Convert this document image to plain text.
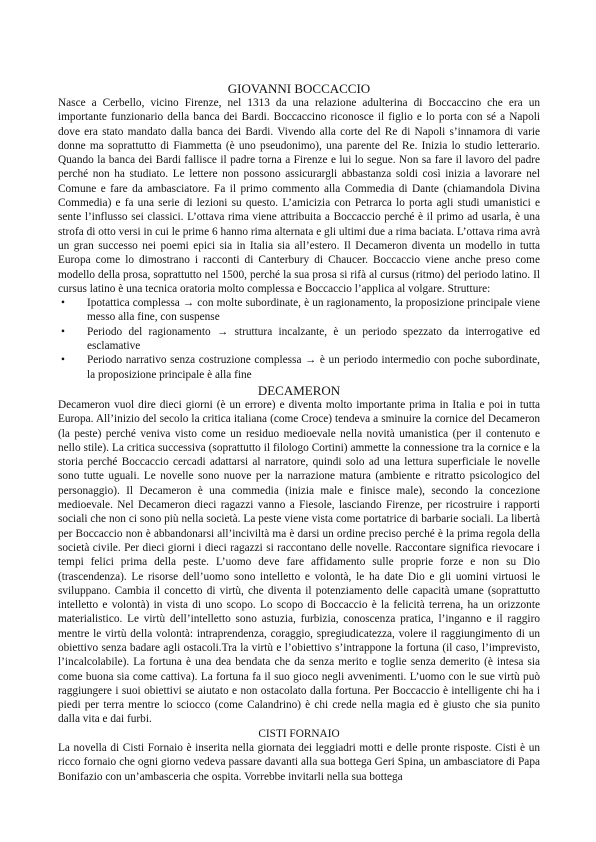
GIOVANNI BOCCACCIO

Nasce a Cerbello, vicino Firenze, nel 1313 da una relazione adulterina di Boccaccino che era un importante funzionario della banca dei Bardi. Boccaccino riconosce il figlio e lo porta con sé a Napoli dove era stato mandato dalla banca dei Bardi. Vivendo alla corte del Re di Napoli s’innamora di varie donne ma soprattutto di Fiammetta (è uno pseudonimo), una parente del Re. Inizia lo studio letterario. Quando la banca dei Bardi fallisce il padre torna a Firenze e lui lo segue. Non sa fare il lavoro del padre perché non ha studiato. Le lettere non possono assicurargli abbastanza soldi così inizia a lavorare nel Comune e fare da ambasciatore. Fa il primo commento alla Commedia di Dante (chiamandola Divina Commedia) e fa una serie di lezioni su questo. L’amicizia con Petrarca lo porta agli studi umanistici e sente l’influsso sei classici. L’ottava rima viene attribuita a Boccaccio perché è il primo ad usarla, è una strofa di otto versi in cui le prime 6 hanno rima alternata e gli ultimi due a rima baciata. L’ottava rima avrà un gran successo nei poemi epici sia in Italia sia all’estero. Il Decameron diventa un modello in tutta Europa come lo dimostrano i racconti di Canterbury di Chaucer. Boccaccio viene anche preso come modello della prosa, soprattutto nel 1500, perché la sua prosa si rifà al cursus (ritmo) del periodo latino. Il cursus latino è una tecnica oratoria molto complessa e Boccaccio l’applica al volgare. Strutture:

• Ipotattica complessa → con molte subordinate, è un ragionamento, la proposizione principale viene messo alla fine, con suspense
• Periodo del ragionamento → struttura incalzante, è un periodo spezzato da interrogative ed esclamative
• Periodo narrativo senza costruzione complessa → è un periodo intermedio con poche subordinate, la proposizione principale è alla fine
DECAMERON

Decameron vuol dire dieci giorni (è un errore) e diventa molto importante prima in Italia e poi in tutta Europa. All’inizio del secolo la critica italiana (come Croce) tendeva a sminuire la cornice del Decameron (la peste) perché veniva visto come un residuo medioevale nella novità umanistica (per il contenuto e nello stile). La critica successiva (soprattutto il filologo Cortini) ammette la connessione tra la cornice e la storia perché Boccaccio cercadi adattarsi al narratore, quindi solo ad una lettura superficiale le novelle sono tutte uguali. Le novelle sono nuove per la narrazione matura (ambiente e ritratto psicologico del personaggio). Il Decameron è una commedia (inizia male e finisce male), secondo la concezione medioevale. Nel Decameron dieci ragazzi vanno a Fiesole, lasciando Firenze, per ricostruire i rapporti sociali che non ci sono più nella società. La peste viene vista come portatrice di barbarie sociali. La libertà per Boccaccio non è abbandonarsi all’inciviltà ma è darsi un ordine preciso perché è la prima regola della società civile. Per dieci giorni i dieci ragazzi si raccontano delle novelle. Raccontare significa rievocare i tempi felici prima della peste. L’uomo deve fare affidamento sulle proprie forze e non su Dio (trascendenza). Le risorse dell’uomo sono intelletto e volontà, le ha date Dio e gli uomini virtuosi le sviluppano. Cambia il concetto di virtù, che diventa il potenziamento delle capacità umane (soprattutto intelletto e volontà) in vista di uno scopo. Lo scopo di Boccaccio è la felicità terrena, ha un orizzonte materialistico. Le virtù dell’intelletto sono astuzia, furbizia, conoscenza pratica, l’inganno e il raggiro mentre le virtù della volontà: intraprendenza, coraggio, spregiudicatezza, volere il raggiungimento di un obiettivo senza badare agli ostacoli.Tra la virtù e l’obiettivo s’intrappone la fortuna (il caso, l’imprevisto, l’incalcolabile). La fortuna è una dea bendata che da senza merito e toglie senza demerito (è intesa sia come buona sia come cattiva). La fortuna fa il suo gioco negli avvenimenti. L’uomo con le sue virtù può raggiungere i suoi obiettivi se aiutato e non ostacolato dalla fortuna. Per Boccaccio è intelligente chi ha i piedi per terra mentre lo sciocco (come Calandrino) è chi crede nella magia ed è giusto che sia punito dalla vita e dai furbi.

CISTI FORNAIO

La novella di Cisti Fornaio è inserita nella giornata dei leggiadri motti e delle pronte risposte. Cisti è un ricco fornaio che ogni giorno vedeva passare davanti alla sua bottega Geri Spina, un ambasciatore di Papa Bonifazio con un’ambasceria che ospita. Vorrebbe invitarli nella sua bottega
